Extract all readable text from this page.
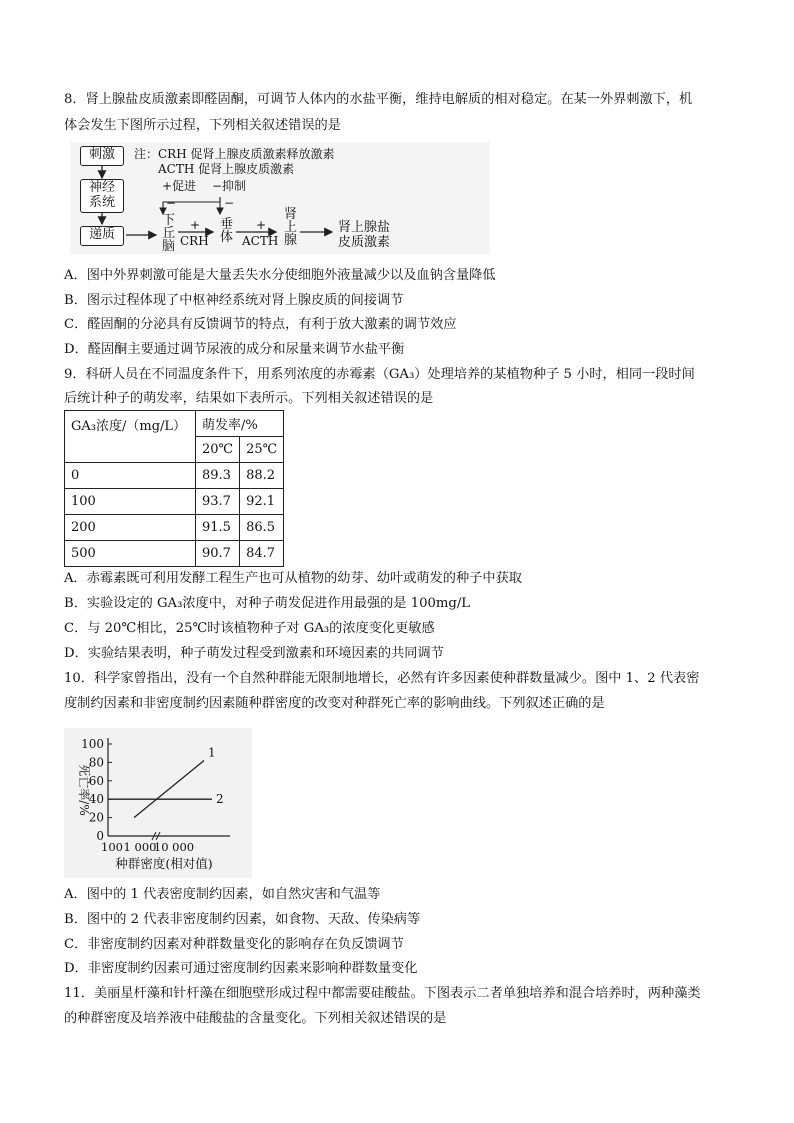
8．肾上腺盐皮质激素即醛固酮，可调节人体内的水盐平衡，维持电解质的相对稳定。在某一外界刺激下，机
体会发生下图所示过程，下列相关叙述错误的是
刺激
神经
系统
递质
注：CRH 促肾上腺皮质激素释放激素
ACTH 促肾上腺皮质激素
+促进 −抑制
−	−
下
丘
脑
+
CRH
垂
体
+
ACTH
肾
上
腺
肾上腺盐
皮质激素
A．图中外界刺激可能是大量丢失水分使细胞外液量减少以及血钠含量降低
B．图示过程体现了中枢神经系统对肾上腺皮质的间接调节
C．醛固酮的分泌具有反馈调节的特点，有利于放大激素的调节效应
D．醛固酮主要通过调节尿液的成分和尿量来调节水盐平衡
9．科研人员在不同温度条件下，用系列浓度的赤霉素（GA₃）处理培养的某植物种子 5 小时，相同一段时间
后统计种子的萌发率，结果如下表所示。下列相关叙述错误的是
GA₃浓度/（mg/L）	萌发率/%	
	20℃	25℃
0	89.3	88.2
100	93.7	92.1
200	91.5	86.5
500	90.7	84.7
A．赤霉素既可利用发酵工程生产也可从植物的幼芽、幼叶或萌发的种子中获取
B．实验设定的 GA₃浓度中，对种子萌发促进作用最强的是 100mg/L
C．与 20℃相比，25℃时该植物种子对 GA₃的浓度变化更敏感
D．实验结果表明，种子萌发过程受到激素和环境因素的共同调节
10．科学家曾指出，没有一个自然种群能无限制地增长，必然有许多因素使种群数量减少。图中 1、2 代表密
度制约因素和非密度制约因素随种群密度的改变对种群死亡率的影响曲线。下列叙述正确的是
100
80
60
40
20
0
100 1 000
10 000
1
2
种群密度(相对值)
死亡率/%
A．图中的 1 代表密度制约因素，如自然灾害和气温等
B．图中的 2 代表非密度制约因素，如食物、天敌、传染病等
C．非密度制约因素对种群数量变化的影响存在负反馈调节
D．非密度制约因素可通过密度制约因素来影响种群数量变化
11．美丽星杆藻和针杆藻在细胞壁形成过程中都需要硅酸盐。下图表示二者单独培养和混合培养时，两种藻类
的种群密度及培养液中硅酸盐的含量变化。下列相关叙述错误的是
